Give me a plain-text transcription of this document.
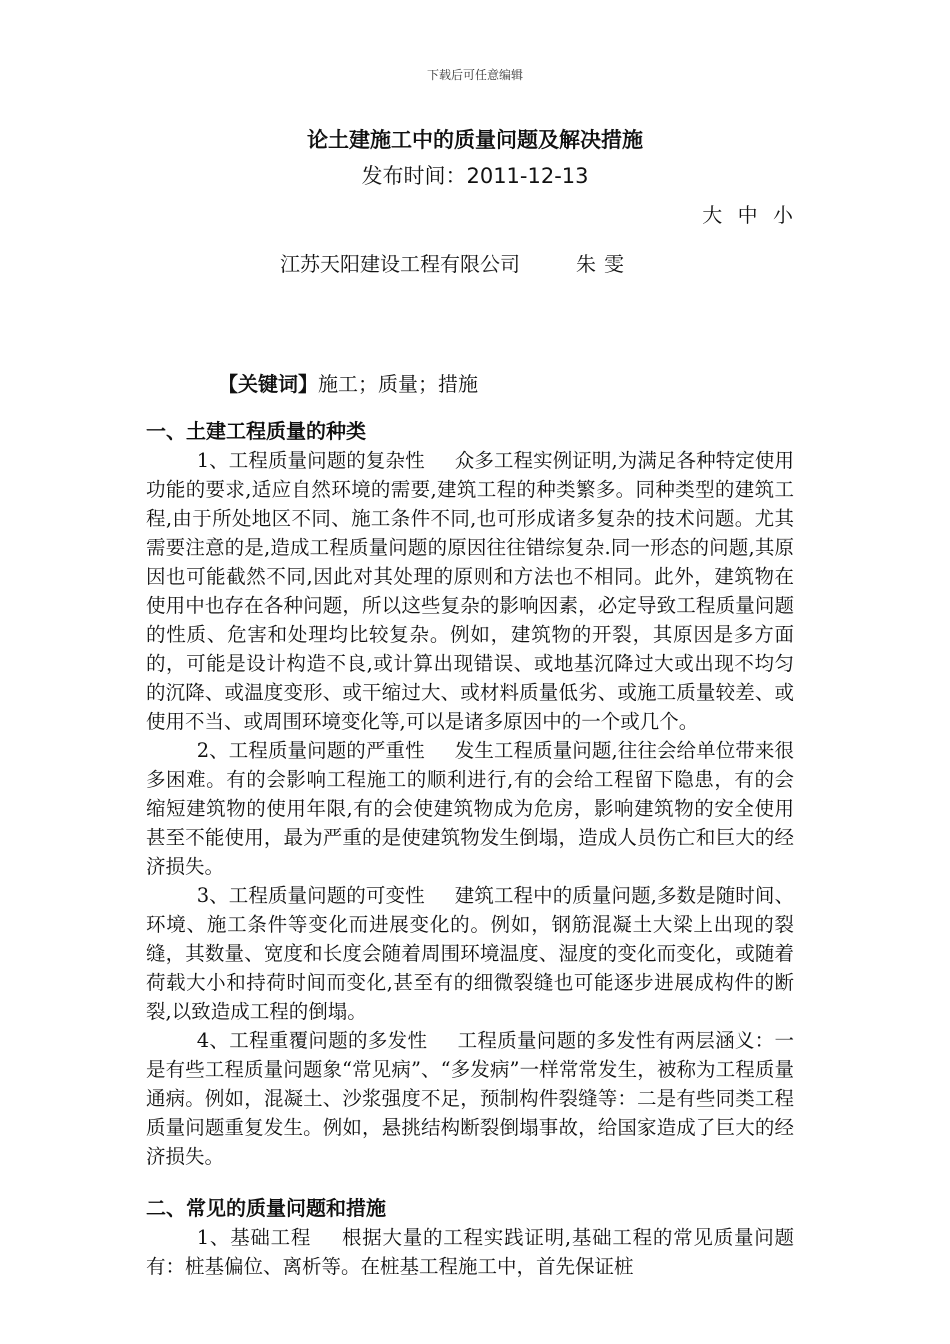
下载后可任意编辑
论土建施工中的质量问题及解决措施
发布时间：2011-12-13
大 中 小
江苏天阳建设工程有限公司	朱雯
【关键词】施工；质量；措施

一、土建工程质量的种类

1、工程质量问题的复杂性 众多工程实例证明,为满足各种特定使用功能的要求,适应自然环境的需要,建筑工程的种类繁多。同种类型的建筑工程,由于所处地区不同、施工条件不同,也可形成诸多复杂的技术问题。尤其需要注意的是,造成工程质量问题的原因往往错综复杂.同一形态的问题,其原因也可能截然不同,因此对其处理的原则和方法也不相同。此外，建筑物在使用中也存在各种问题，所以这些复杂的影响因素，必定导致工程质量问题的性质、危害和处理均比较复杂。例如，建筑物的开裂，其原因是多方面的，可能是设计构造不良,或计算出现错误、或地基沉降过大或出现不均匀的沉降、或温度变形、或干缩过大、或材料质量低劣、或施工质量较差、或使用不当、或周围环境变化等,可以是诸多原因中的一个或几个。

2、工程质量问题的严重性 发生工程质量问题,往往会给单位带来很多困难。有的会影响工程施工的顺利进行,有的会给工程留下隐患，有的会缩短建筑物的使用年限,有的会使建筑物成为危房，影响建筑物的安全使用甚至不能使用，最为严重的是使建筑物发生倒塌，造成人员伤亡和巨大的经济损失。

3、工程质量问题的可变性 建筑工程中的质量问题,多数是随时间、环境、施工条件等变化而进展变化的。例如，钢筋混凝土大梁上出现的裂缝，其数量、宽度和长度会随着周围环境温度、湿度的变化而变化，或随着荷载大小和持荷时间而变化,甚至有的细微裂缝也可能逐步进展成构件的断裂,以致造成工程的倒塌。

4、工程重覆问题的多发性 工程质量问题的多发性有两层涵义：一是有些工程质量问题象“常见病”、“多发病”一样常常发生，被称为工程质量通病。例如，混凝土、沙浆强度不足，预制构件裂缝等：二是有些同类工程质量问题重复发生。例如，悬挑结构断裂倒塌事故，给国家造成了巨大的经济损失。

二、常见的质量问题和措施

1、基础工程 根据大量的工程实践证明,基础工程的常见质量问题有：桩基偏位、离析等。在桩基工程施工中，首先保证桩
